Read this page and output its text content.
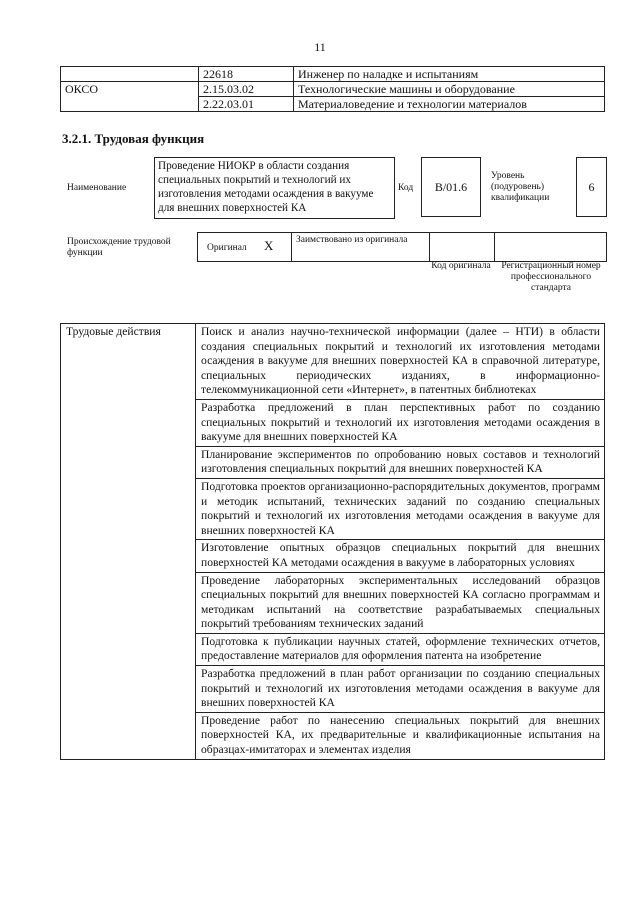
11
	22618	Инженер по наладке и испытаниям
ОКСО	2.15.03.02	Технологические машины и оборудование
	2.22.03.01	Материаловедение и технологии материалов
3.2.1. Трудовая функция
Наименование
Проведение НИОКР в области создания специальных покрытий и технологий их изготовления методами осаждения в вакууме для внешних поверхностей КА
Код	B/01.6
Уровень (подуровень) квалификации
6
Происхождение трудовой функции	Оригинал X Заимствовано из оригинала
Код оригинала	Регистрационный номер профессионального стандарта
Трудовые действия	Поиск и анализ научно-технической информации (далее – НТИ) в области создания специальных покрытий и технологий их изготовления методами осаждения в вакууме для внешних поверхностей КА в справочной литературе, специальных периодических изданиях, в информационно-телекоммуникационной сети «Интернет», в патентных библиотеках
Разработка предложений в план перспективных работ по созданию специальных покрытий и технологий их изготовления методами осаждения в вакууме для внешних поверхностей КА
Планирование экспериментов по опробованию новых составов и технологий изготовления специальных покрытий для внешних поверхностей КА
Подготовка проектов организационно-распорядительных документов, программ и методик испытаний, технических заданий по созданию специальных покрытий и технологий их изготовления методами осаждения в вакууме для внешних поверхностей КА
Изготовление опытных образцов специальных покрытий для внешних поверхностей КА методами осаждения в вакууме в лабораторных условиях
Проведение лабораторных экспериментальных исследований образцов специальных покрытий для внешних поверхностей КА согласно программам и методикам испытаний на соответствие разрабатываемых специальных покрытий требованиям технических заданий
Подготовка к публикации научных статей, оформление технических отчетов, предоставление материалов для оформления патента на изобретение
Разработка предложений в план работ организации по созданию специальных покрытий и технологий их изготовления методами осаждения в вакууме для внешних поверхностей КА
Проведение работ по нанесению специальных покрытий для внешних поверхностей КА, их предварительные и квалификационные испытания на образцах-имитаторах и элементах изделия
